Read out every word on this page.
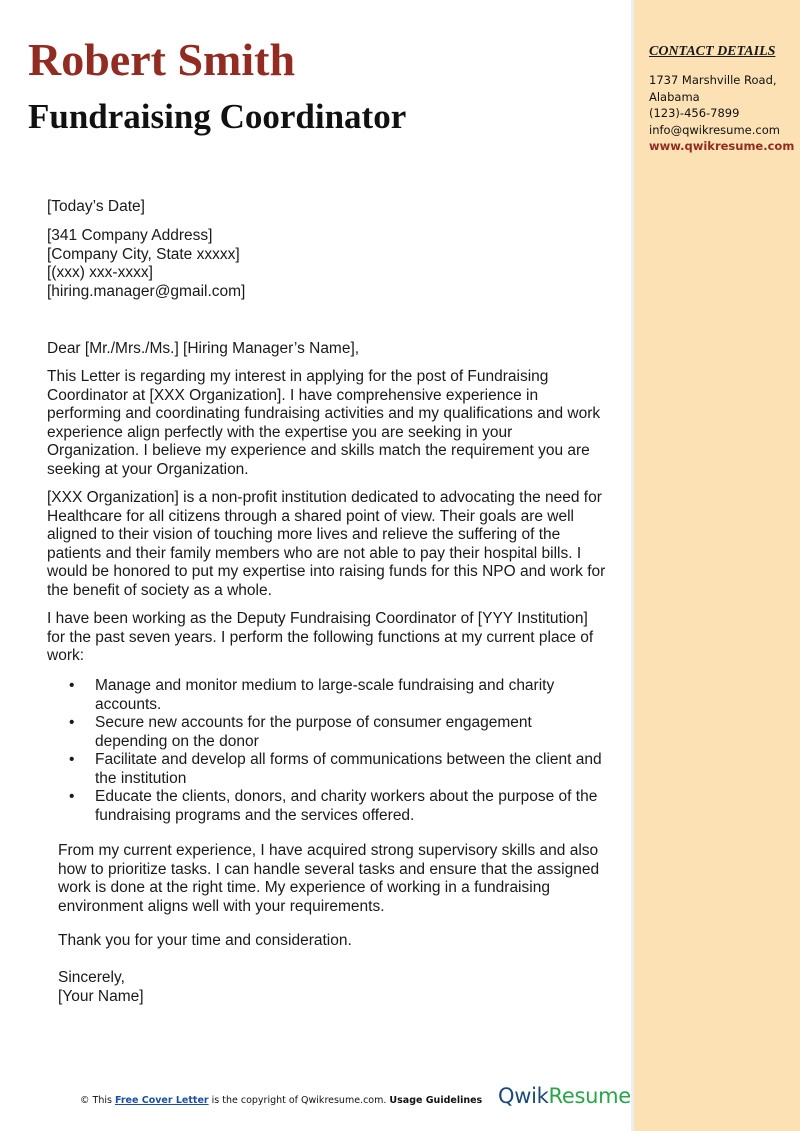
CONTACT DETAILS
1737 Marshville Road,
Alabama
(123)-456-7899
info@qwikresume.com
www.qwikresume.com
Robert Smith
Fundraising Coordinator
[Today’s Date]
[341 Company Address]
[Company City, State xxxxx]
[(xxx) xxx-xxxx]
[hiring.manager@gmail.com]
Dear [Mr./Mrs./Ms.] [Hiring Manager’s Name],

This Letter is regarding my interest in applying for the post of Fundraising Coordinator at [XXX Organization]. I have comprehensive experience in performing and coordinating fundraising activities and my qualifications and work experience align perfectly with the expertise you are seeking in your Organization. I believe my experience and skills match the requirement you are seeking at your Organization.

[XXX Organization] is a non-profit institution dedicated to advocating the need for Healthcare for all citizens through a shared point of view. Their goals are well aligned to their vision of touching more lives and relieve the suffering of the patients and their family members who are not able to pay their hospital bills. I would be honored to put my expertise into raising funds for this NPO and work for the benefit of society as a whole.

I have been working as the Deputy Fundraising Coordinator of [YYY Institution] for the past seven years. I perform the following functions at my current place of work:

• Manage and monitor medium to large-scale fundraising and charity accounts.
• Secure new accounts for the purpose of consumer engagement depending on the donor
• Facilitate and develop all forms of communications between the client and the institution
• Educate the clients, donors, and charity workers about the purpose of the fundraising programs and the services offered.

From my current experience, I have acquired strong supervisory skills and also how to prioritize tasks. I can handle several tasks and ensure that the assigned work is done at the right time. My experience of working in a fundraising environment aligns well with your requirements.

Thank you for your time and consideration.
Sincerely,
[Your Name]
© This Free Cover Letter is the copyright of Qwikresume.com. Usage Guidelines QwikResume
